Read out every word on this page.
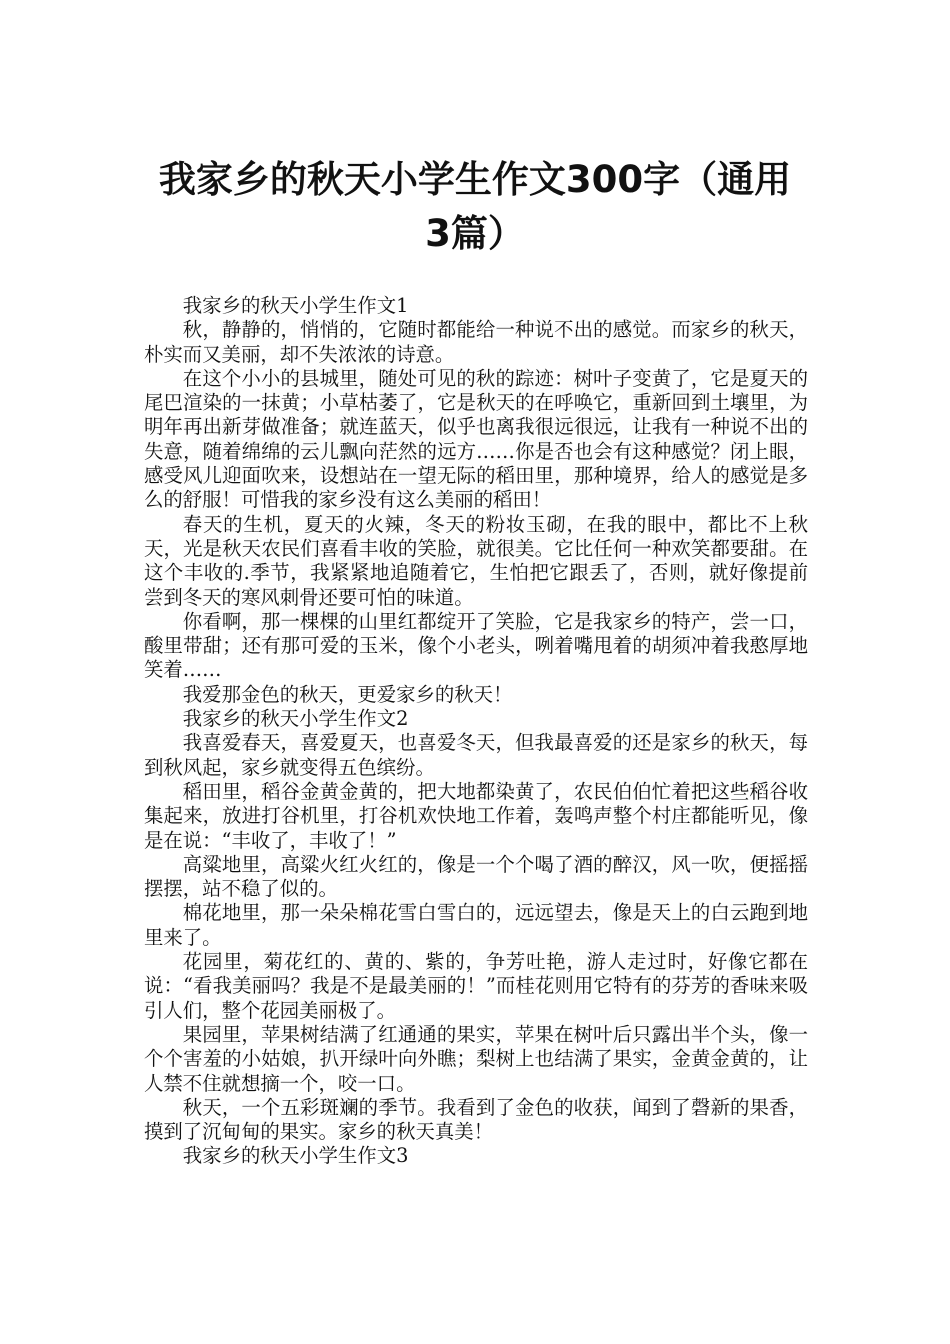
我家乡的秋天小学生作文300字（通用
3篇）

我家乡的秋天小学生作文1

秋，静静的，悄悄的，它随时都能给一种说不出的感觉。而家乡的秋天，朴实而又美丽，却不失浓浓的诗意。

在这个小小的县城里，随处可见的秋的踪迹：树叶子变黄了，它是夏天的尾巴渲染的一抹黄；小草枯萎了，它是秋天的在呼唤它，重新回到土壤里，为明年再出新芽做准备；就连蓝天，似乎也离我很远很远，让我有一种说不出的失意，随着绵绵的云儿飘向茫然的远方……你是否也会有这种感觉？闭上眼，感受风儿迎面吹来，设想站在一望无际的稻田里，那种境界，给人的感觉是多么的舒服！可惜我的家乡没有这么美丽的稻田！

春天的生机，夏天的火辣，冬天的粉妆玉砌，在我的眼中，都比不上秋天，光是秋天农民们喜看丰收的笑脸，就很美。它比任何一种欢笑都要甜。在这个丰收的.季节，我紧紧地追随着它，生怕把它跟丢了，否则，就好像提前尝到冬天的寒风刺骨还要可怕的味道。

你看啊，那一棵棵的山里红都绽开了笑脸，它是我家乡的特产，尝一口，酸里带甜；还有那可爱的玉米，像个小老头，咧着嘴甩着的胡须冲着我憨厚地笑着……

我爱那金色的秋天，更爱家乡的秋天！

我家乡的秋天小学生作文2

我喜爱春天，喜爱夏天，也喜爱冬天，但我最喜爱的还是家乡的秋天，每到秋风起，家乡就变得五色缤纷。

稻田里，稻谷金黄金黄的，把大地都染黄了，农民伯伯忙着把这些稻谷收集起来，放进打谷机里，打谷机欢快地工作着，轰鸣声整个村庄都能听见，像是在说：“丰收了，丰收了！”

高粱地里，高粱火红火红的，像是一个个喝了酒的醉汉，风一吹，便摇摇摆摆，站不稳了似的。

棉花地里，那一朵朵棉花雪白雪白的，远远望去，像是天上的白云跑到地里来了。

花园里，菊花红的、黄的、紫的，争芳吐艳，游人走过时，好像它都在说：“看我美丽吗？我是不是最美丽的！”而桂花则用它特有的芬芳的香味来吸引人们，整个花园美丽极了。

果园里，苹果树结满了红通通的果实，苹果在树叶后只露出半个头，像一个个害羞的小姑娘，扒开绿叶向外瞧；梨树上也结满了果实，金黄金黄的，让人禁不住就想摘一个，咬一口。

秋天，一个五彩斑斓的季节。我看到了金色的收获，闻到了磬新的果香，摸到了沉甸甸的果实。家乡的秋天真美！

我家乡的秋天小学生作文3
